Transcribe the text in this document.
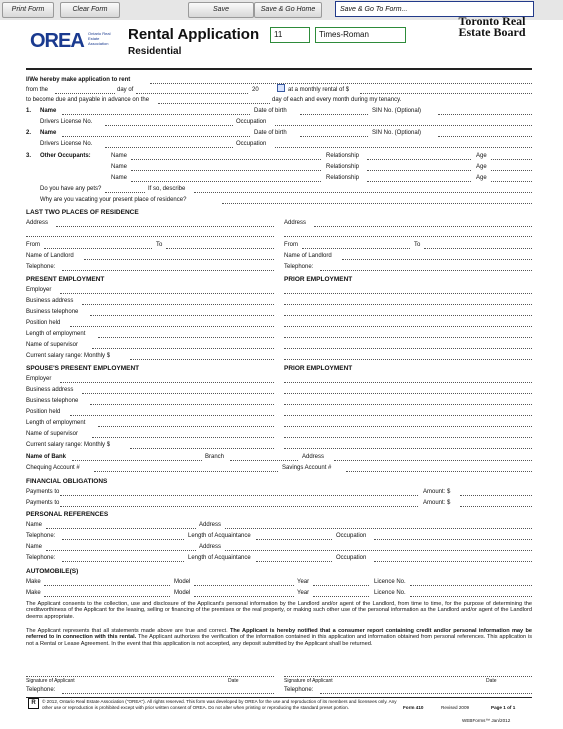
Print Form	Clear Form	Save	Save & Go Home	Save & Go To Form...
OREA Ontario Real Estate Association
Rental Application
Residential
11	Times-Roman
Toronto Real Estate Board
I/We hereby make application to rent
from the	day of	20	at a monthly rental of $
to become due and payable in advance on the	day of each and every month during my tenancy.
1. Name	Date of birth	SIN No. (Optional)
Drivers License No.	Occupation
2. Name	Date of birth	SIN No. (Optional)
Drivers License No.	Occupation
3. Other Occupants:	Name	Relationship	Age
Name	Relationship	Age
Name	Relationship	Age
Do you have any pets?	If so, describe
Why are you vacating your present place of residence?
LAST TWO PLACES OF RESIDENCE
Address	Address
From	To	From	To
Name of Landlord	Name of Landlord
Telephone:	Telephone:
PRESENT EMPLOYMENT	PRIOR EMPLOYMENT
Employer
Business address
Business telephone
Position held
Length of employment
Name of supervisor
Current salary range: Monthly $
SPOUSE'S PRESENT EMPLOYMENT	PRIOR EMPLOYMENT
Employer
Business address
Business telephone
Position held
Length of employment
Name of supervisor
Current salary range: Monthly $
Name of Bank	Branch	Address
Chequing Account #	Savings Account #
FINANCIAL OBLIGATIONS
Payments to	Amount: $
Payments to	Amount: $
PERSONAL REFERENCES
Name	Address
Telephone:	Length of Acquaintance	Occupation
Name	Address
Telephone:	Length of Acquaintance	Occupation
AUTOMOBILE(S)
Make	Model	Year	Licence No.
Make	Model	Year	Licence No.
The Applicant consents to the collection, use and disclosure of the Applicant's personal information by the Landlord and/or agent of the Landlord, from time to time, for the purpose of determining the creditworthiness of the Applicant for the leasing, selling or financing of the premises or the real property, or making such other use of the personal information as the Landlord and/or agent of the Landlord deems appropriate.
The Applicant represents that all statements made above are true and correct. The Applicant is hereby notified that a consumer report containing credit and/or personal information may be referred to in connection with this rental. The Applicant authorizes the verification of the information contained in this application and information obtained from personal references. This application is not a Rental or Lease Agreement. In the event that this application is not accepted, any deposit submitted by the Applicant shall be returned.
Signature of Applicant	Date	Signature of Applicant	Date
Telephone:	Telephone:
R	© 2012, Ontario Real Estate Association ("OREA"). All rights reserved. This form was developed by OREA for the use and reproduction of its members and licensees only. Any other use or reproduction is prohibited except with prior written consent of OREA. Do not alter when printing or reproducing the standard preset portion.	Form 410	Revised 2009	Page 1 of 1
WEBForms™ Jan/2012
